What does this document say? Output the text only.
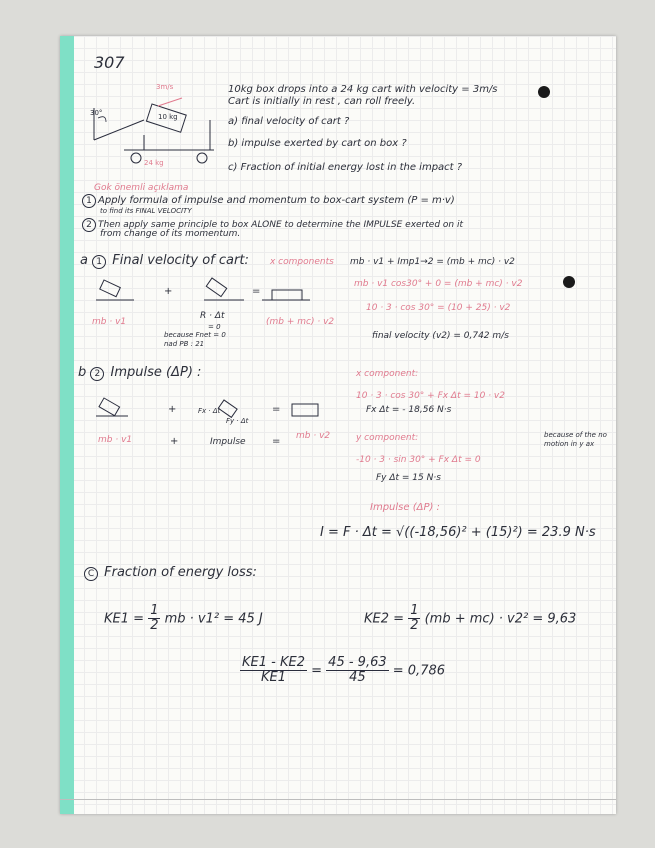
307
3m/s
30°	10 kg
24 kg
10kg box drops into a 24 kg cart with velocity = 3m/s
Cart is initially in rest , can roll freely.
a) final velocity of cart ?
b) impulse exerted by cart on box ?
c) Fraction of initial energy lost in the impact ?
Gok önemli açıklama
1 Apply formula of impulse and momentum to box-cart system (P = m·v)
to find its FINAL VELOCITY
2 Then apply same principle to box ALONE to determine the IMPULSE exerted on it
from change of its momentum.
a 1 Final velocity of cart: x components mb · v1 + Imp1→2 = (mb + mc) · v2
mb · v1 cos30° + 0 = (mb + mc) · v2
10 · 3 · cos 30° = (10 + 25) · v2
final velocity (v2) = 0,742 m/s
+	=
mb · v1
R · Δt
= 0
because Fnet = 0
nad PB : 21
(mb + mc) · v2
b 2 Impulse (ΔP) :	x component:
10 · 3 · cos 30° + Fx Δt = 10 · v2
Fx Δt = - 18,56 N·s
y component:	because of the no
motion in y ax
-10 · 3 · sin 30° + Fx Δt = 0
Fy Δt = 15 N·s
Impulse (ΔP) :
I = F · Δt = √((-18,56)² + (15)²) = 23.9 N·s
+	=
Fx · Δt
Fy · Δt
mb · v1	+	Impulse	= mb · v2
C Fraction of energy loss:
$KE1 = \frac{1}{2}$ mb · v1² = 45 J	$KE2 = \frac{1}{2} (mb + mc) \cdot v2^2 = 9,63$
$\frac{KE1 - KE2}{KE1} = \frac{45 - 9,63}{45} = 0,786$
